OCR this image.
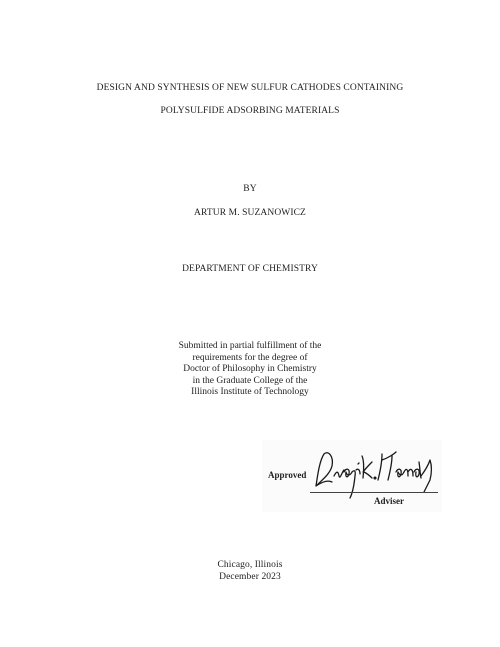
DESIGN AND SYNTHESIS OF NEW SULFUR CATHODES CONTAINING
POLYSULFIDE ADSORBING MATERIALS
BY
ARTUR M. SUZANOWICZ
DEPARTMENT OF CHEMISTRY
Submitted in partial fulfillment of the
requirements for the degree of
Doctor of Philosophy in Chemistry
in the Graduate College of the
Illinois Institute of Technology
Approved
Adviser
Chicago, Illinois
December 2023
